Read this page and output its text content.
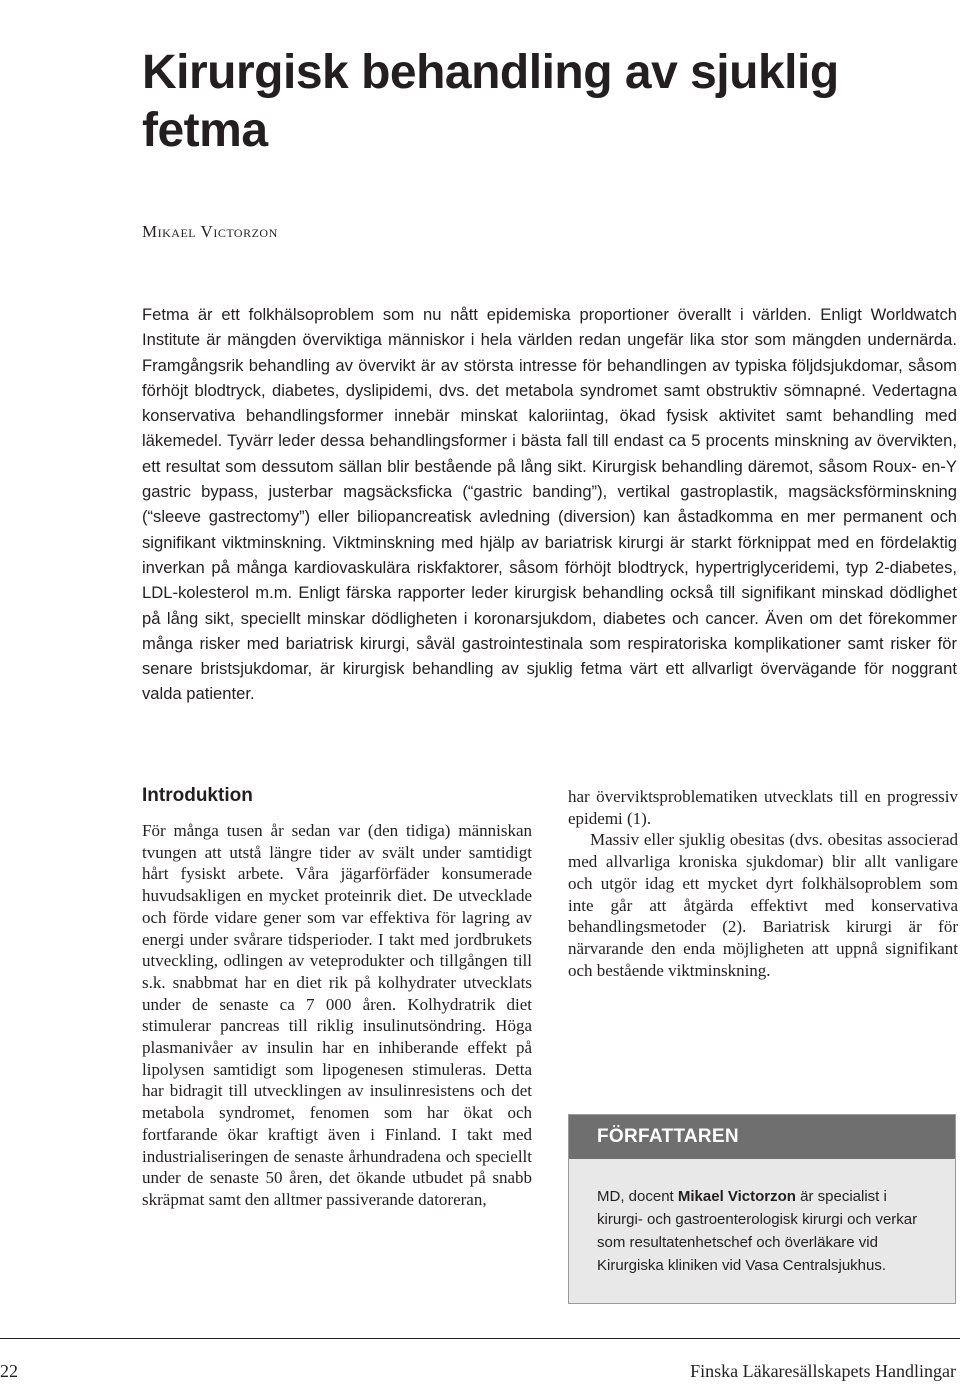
Kirurgisk behandling av sjuklig fetma
Mikael Victorzon

Fetma är ett folkhälsoproblem som nu nått epidemiska proportioner överallt i världen. Enligt Worldwatch Institute är mängden överviktiga människor i hela världen redan ungefär lika stor som mängden undernärda. Framgångsrik behandling av övervikt är av största intresse för behandlingen av typiska följdsjukdomar, såsom förhöjt blodtryck, diabetes, dyslipidemi, dvs. det metabola syndromet samt obstruktiv sömnapné. Vedertagna konservativa behandlingsformer innebär minskat kaloriintag, ökad fysisk aktivitet samt behandling med läkemedel. Tyvärr leder dessa behandlingsformer i bästa fall till endast ca 5 procents minskning av övervikten, ett resultat som dessutom sällan blir bestående på lång sikt. Kirurgisk behandling däremot, såsom Roux- en-Y gastric bypass, justerbar magsäcksficka (“gastric banding”), vertikal gastroplastik, magsäcksförminskning (“sleeve gastrectomy”) eller biliopancreatisk avledning (diversion) kan åstadkomma en mer permanent och signifikant viktminskning. Viktminskning med hjälp av bariatrisk kirurgi är starkt förknippat med en fördelaktig inverkan på många kardiovaskulära riskfaktorer, såsom förhöjt blodtryck, hypertriglyceridemi, typ 2-diabetes, LDL-kolesterol m.m. Enligt färska rapporter leder kirurgisk behandling också till signifikant minskad dödlighet på lång sikt, speciellt minskar dödligheten i koronarsjukdom, diabetes och cancer. Även om det förekommer många risker med bariatrisk kirurgi, såväl gastrointestinala som respiratoriska komplikationer samt risker för senare bristsjukdomar, är kirurgisk behandling av sjuklig fetma värt ett allvarligt övervägande för noggrant valda patienter.

Introduktion

För många tusen år sedan var (den tidiga) människan tvungen att utstå längre tider av svält under samtidigt hårt fysiskt arbete. Våra jägarförfäder konsumerade huvudsakligen en mycket proteinrik diet. De utvecklade och förde vidare gener som var effektiva för lagring av energi under svårare tidsperioder. I takt med jordbrukets utveckling, odlingen av veteprodukter och tillgången till s.k. snabbmat har en diet rik på kolhydrater utvecklats under de senaste ca 7 000 åren. Kolhydratrik diet stimulerar pancreas till riklig insulinutsöndring. Höga plasmanivåer av insulin har en inhiberande effekt på lipolysen samtidigt som lipogenesen stimuleras. Detta har bidragit till utvecklingen av insulinresistens och det metabola syndromet, fenomen som har ökat och fortfarande ökar kraftigt även i Finland. I takt med industrialiseringen de senaste århundradena och speciellt under de senaste 50 åren, det ökande utbudet på snabb skräpmat samt den alltmer passiverande datoreran,

har överviktsproblematiken utvecklats till en progressiv epidemi (1).

Massiv eller sjuklig obesitas (dvs. obesitas associerad med allvarliga kroniska sjukdomar) blir allt vanligare och utgör idag ett mycket dyrt folkhälsoproblem som inte går att åtgärda effektivt med konservativa behandlingsmetoder (2). Bariatrisk kirurgi är för närvarande den enda möjligheten att uppnå signifikant och bestående viktminskning.

FÖRFATTAREN

MD, docent Mikael Victorzon är specialist i kirurgi- och gastroenterologisk kirurgi och verkar som resultatenhetschef och överläkare vid Kirurgiska kliniken vid Vasa Centralsjukhus.

22	Finska Läkaresällskapets Handlingar
